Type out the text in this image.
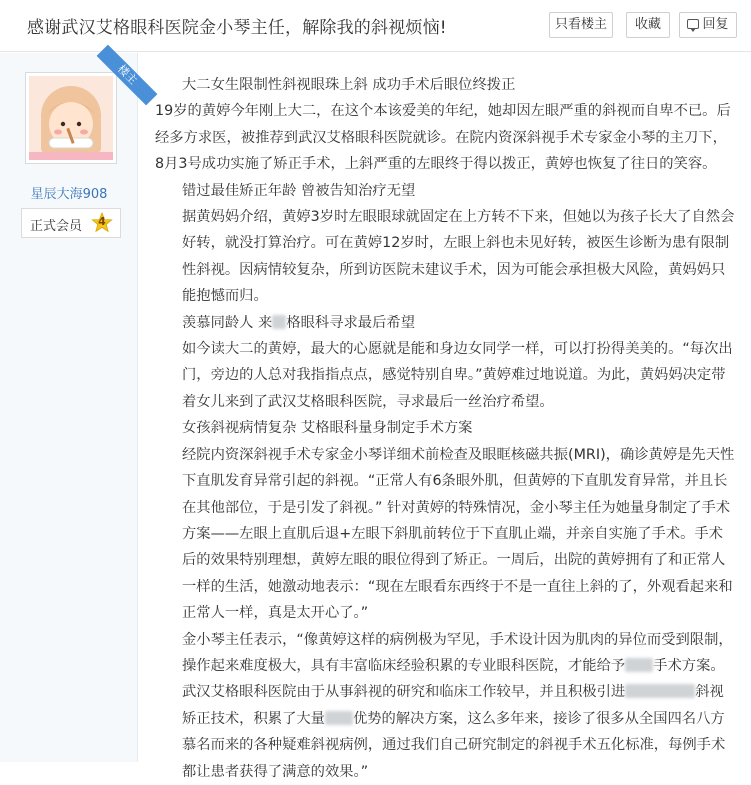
感谢武汉艾格眼科医院金小琴主任，解除我的斜视烦恼!	只看楼主	收藏	回复
楼主
星辰大海908
正式会员	4
大二女生限制性斜视眼珠上斜 成功手术后眼位终拨正
19岁的黄婷今年刚上大二，在这个本该爱美的年纪，她却因左眼严重的斜视而自卑不已。后经多方求医，被推荐到武汉艾格眼科医院就诊。在院内资深斜视手术专家金小琴的主刀下，8月3号成功实施了矫正手术，上斜严重的左眼终于得以拨正，黄婷也恢复了往日的笑容。
错过最佳矫正年龄 曾被告知治疗无望
据黄妈妈介绍，黄婷3岁时左眼眼球就固定在上方转不下来，但她以为孩子长大了自然会好转，就没打算治疗。可在黄婷12岁时，左眼上斜也未见好转，被医生诊断为患有限制性斜视。因病情较复杂，所到访医院未建议手术，因为可能会承担极大风险，黄妈妈只能抱憾而归。
羡慕同龄人 来 格眼科寻求最后希望
如今读大二的黄婷，最大的心愿就是能和身边女同学一样，可以打扮得美美的。“每次出门，旁边的人总对我指指点点，感觉特别自卑。”黄婷难过地说道。为此，黄妈妈决定带着女儿来到了武汉艾格眼科医院，寻求最后一丝治疗希望。
女孩斜视病情复杂 艾格眼科量身制定手术方案
经院内资深斜视手术专家金小琴详细术前检查及眼眶核磁共振(MRI)，确诊黄婷是先天性下直肌发育异常引起的斜视。“正常人有6条眼外肌，但黄婷的下直肌发育异常，并且长在其他部位，于是引发了斜视。” 针对黄婷的特殊情况，金小琴主任为她量身制定了手术方案——左眼上直肌后退+左眼下斜肌前转位于下直肌止端，并亲自实施了手术。手术后的效果特别理想，黄婷左眼的眼位得到了矫正。一周后，出院的黄婷拥有了和正常人一样的生活，她激动地表示：“现在左眼看东西终于不是一直往上斜的了，外观看起来和正常人一样，真是太开心了。”
金小琴主任表示，“像黄婷这样的病例极为罕见，手术设计因为肌肉的异位而受到限制，操作起来难度极大，具有丰富临床经验积累的专业眼科医院，才能给予 手术方案。武汉艾格眼科医院由于从事斜视的研究和临床工作较早，并且积极引进	斜视矫正技术，积累了大量 优势的解决方案，这么多年来，接诊了很多从全国四名八方慕名而来的各种疑难斜视病例，通过我们自己研究制定的斜视手术五化标准，每例手术都让患者获得了满意的效果。”
